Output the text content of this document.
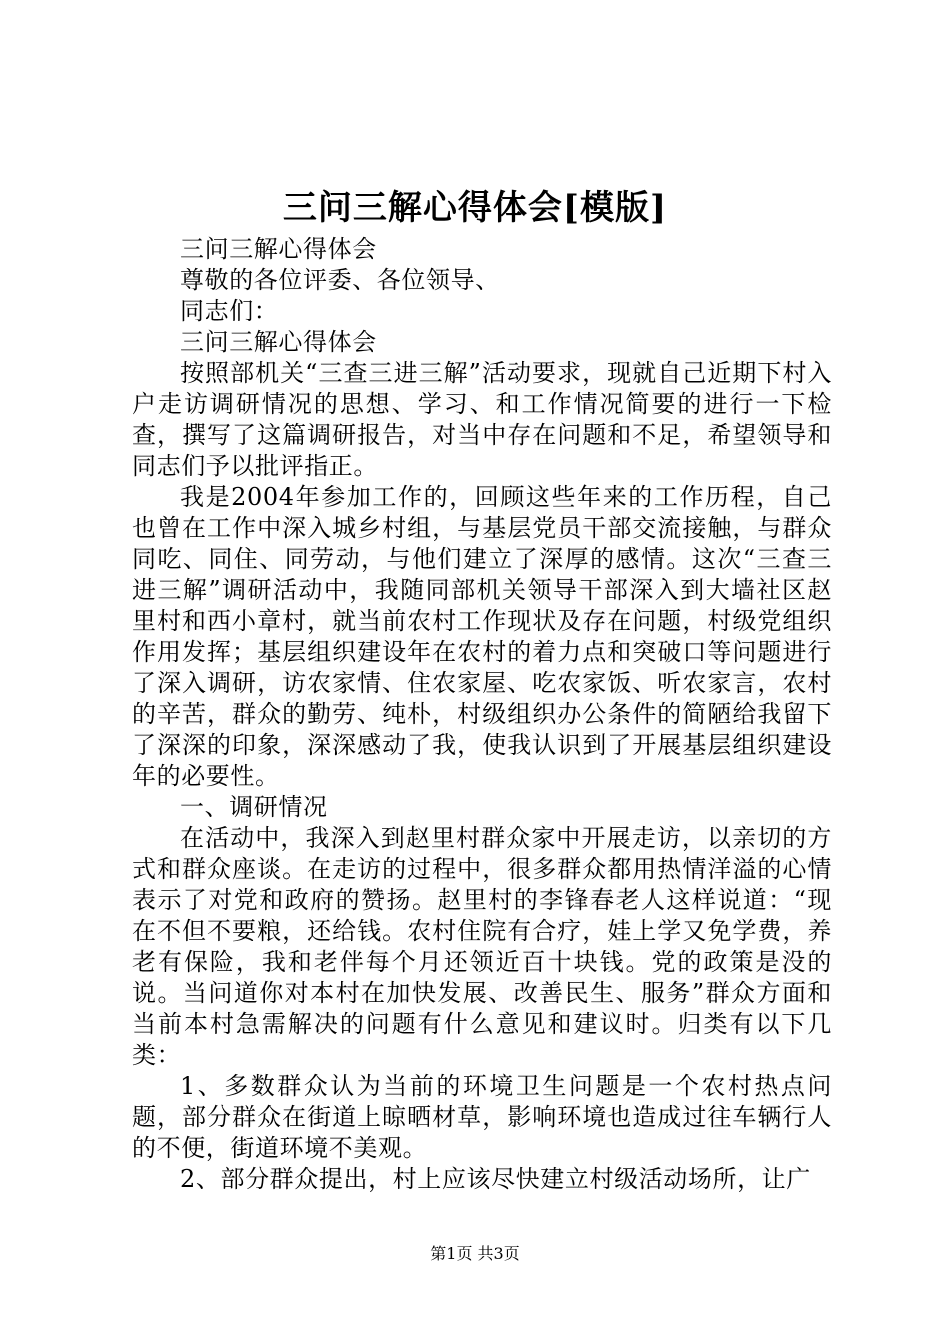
三问三解心得体会[模版]

三问三解心得体会

尊敬的各位评委、各位领导、

同志们：

三问三解心得体会

按照部机关“三查三进三解”活动要求，现就自己近期下村入户走访调研情况的思想、学习、和工作情况简要的进行一下检查，撰写了这篇调研报告，对当中存在问题和不足，希望领导和同志们予以批评指正。

我是2004年参加工作的，回顾这些年来的工作历程，自己也曾在工作中深入城乡村组，与基层党员干部交流接触，与群众同吃、同住、同劳动，与他们建立了深厚的感情。这次“三查三进三解”调研活动中，我随同部机关领导干部深入到大墙社区赵里村和西小章村，就当前农村工作现状及存在问题，村级党组织作用发挥；基层组织建设年在农村的着力点和突破口等问题进行了深入调研，访农家情、住农家屋、吃农家饭、听农家言，农村的辛苦，群众的勤劳、纯朴，村级组织办公条件的简陋给我留下了深深的印象，深深感动了我，使我认识到了开展基层组织建设年的必要性。

一、调研情况

在活动中，我深入到赵里村群众家中开展走访，以亲切的方式和群众座谈。在走访的过程中，很多群众都用热情洋溢的心情表示了对党和政府的赞扬。赵里村的李锋春老人这样说道：“现在不但不要粮，还给钱。农村住院有合疗，娃上学又免学费，养老有保险，我和老伴每个月还领近百十块钱。党的政策是没的说。当问道你对本村在加快发展、改善民生、服务”群众方面和当前本村急需解决的问题有什么意见和建议时。归类有以下几类：

1、多数群众认为当前的环境卫生问题是一个农村热点问题，部分群众在街道上晾晒材草，影响环境也造成过往车辆行人的不便，街道环境不美观。

2、部分群众提出，村上应该尽快建立村级活动场所，让广

第1页 共3页
